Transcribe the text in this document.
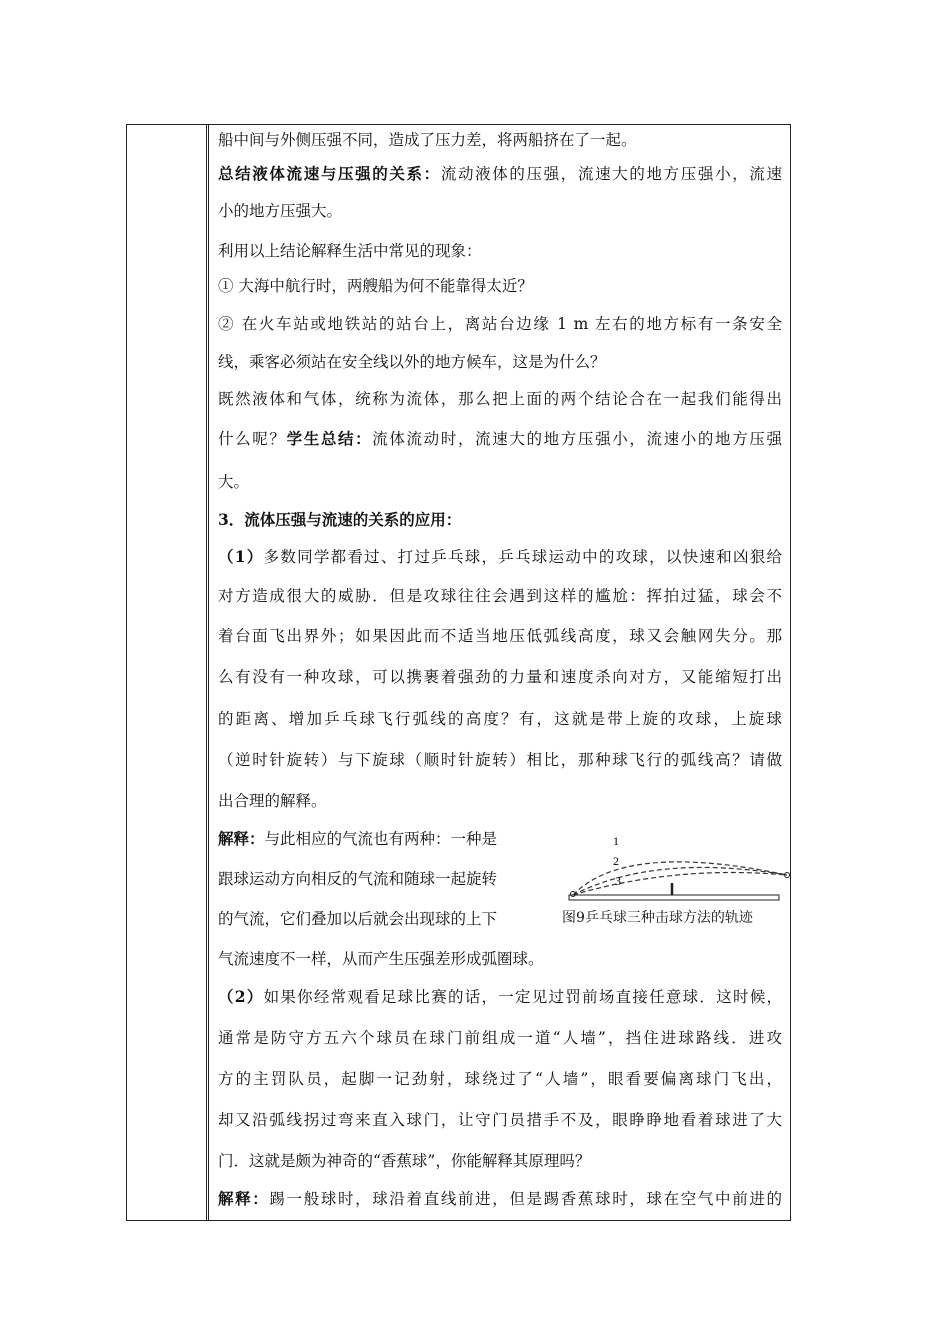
船中间与外侧压强不同，造成了压力差，将两船挤在了一起。
总结液体流速与压强的关系：流动液体的压强，流速大的地方压强小，流速
小的地方压强大。
利用以上结论解释生活中常见的现象：
① 大海中航行时，两艘船为何不能靠得太近？
② 在火车站或地铁站的站台上，离站台边缘 1 m 左右的地方标有一条安全
线，乘客必须站在安全线以外的地方候车，这是为什么？
既然液体和气体，统称为流体，那么把上面的两个结论合在一起我们能得出
什么呢？学生总结：流体流动时，流速大的地方压强小，流速小的地方压强
大。
3．流体压强与流速的关系的应用：
（1）多数同学都看过、打过乒乓球，乒乓球运动中的攻球，以快速和凶狠给
对方造成很大的威胁．但是攻球往往会遇到这样的尴尬：挥拍过猛，球会不
着台面飞出界外；如果因此而不适当地压低弧线高度，球又会触网失分。那
么有没有一种攻球，可以携裹着强劲的力量和速度杀向对方，又能缩短打出
的距离、增加乒乓球飞行弧线的高度？有，这就是带上旋的攻球，上旋球
（逆时针旋转）与下旋球（顺时针旋转）相比，那种球飞行的弧线高？请做
出合理的解释。
解释：与此相应的气流也有两种：一种是
跟球运动方向相反的气流和随球一起旋转
的气流，它们叠加以后就会出现球的上下
气流速度不一样，从而产生压强差形成弧圈球。
（2）如果你经常观看足球比赛的话，一定见过罚前场直接任意球．这时候，
通常是防守方五六个球员在球门前组成一道“人墙”，挡住进球路线．进攻
方的主罚队员，起脚一记劲射，球绕过了“人墙”，眼看要偏离球门飞出，
却又沿弧线拐过弯来直入球门，让守门员措手不及，眼睁睁地看着球进了大
门．这就是颇为神奇的“香蕉球”，你能解释其原理吗？
解释：踢一般球时，球沿着直线前进，但是踢香蕉球时，球在空气中前进的
1
2
3
图9乒乓球三种击球方法的轨迹
